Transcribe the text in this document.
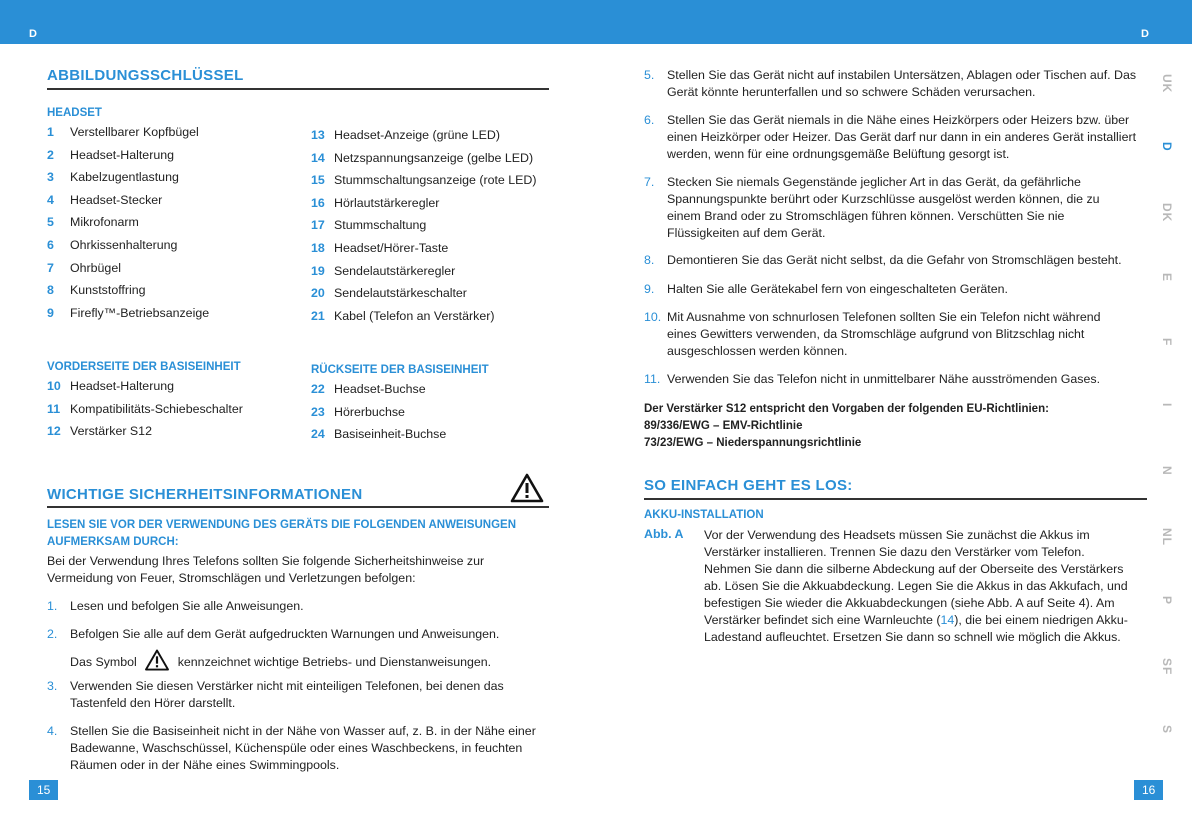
D	D
UK
D
DK
E
F
I
N
NL
P
SF
S
ABBILDUNGSSCHLÜSSEL
HEADSET
1 Verstellbarer Kopfbügel
2 Headset-Halterung
3 Kabelzugentlastung
4 Headset-Stecker
5 Mikrofonarm
6 Ohrkissenhalterung
7 Ohrbügel
8 Kunststoffring
9 Firefly™-Betriebsanzeige
13 Headset-Anzeige (grüne LED)
14 Netzspannungsanzeige (gelbe LED)
15 Stummschaltungsanzeige (rote LED)
16 Hörlautstärkeregler
17 Stummschaltung
18 Headset/Hörer-Taste
19 Sendelautstärkeregler
20 Sendelautstärkeschalter
21 Kabel (Telefon an Verstärker)
VORDERSEITE DER BASISEINHEIT
10 Headset-Halterung
11 Kompatibilitäts-Schiebeschalter
12 Verstärker S12
RÜCKSEITE DER BASISEINHEIT
22 Headset-Buchse
23 Hörerbuchse
24 Basiseinheit-Buchse
WICHTIGE SICHERHEITSINFORMATIONEN
LESEN SIE VOR DER VERWENDUNG DES GERÄTS DIE FOLGENDEN ANWEISUNGEN AUFMERKSAM DURCH:
Bei der Verwendung Ihres Telefons sollten Sie folgende Sicherheitshinweise zur Vermeidung von Feuer, Stromschlägen und Verletzungen befolgen:
1. Lesen und befolgen Sie alle Anweisungen.
2. Befolgen Sie alle auf dem Gerät aufgedruckten Warnungen und Anweisungen.
Das Symbol	kennzeichnet wichtige Betriebs- und Dienstanweisungen.
3. Verwenden Sie diesen Verstärker nicht mit einteiligen Telefonen, bei denen das Tastenfeld den Hörer darstellt.
4. Stellen Sie die Basiseinheit nicht in der Nähe von Wasser auf, z. B. in der Nähe einer Badewanne, Waschschüssel, Küchenspüle oder eines Waschbeckens, in feuchten Räumen oder in der Nähe eines Swimmingpools.
15
5. Stellen Sie das Gerät nicht auf instabilen Untersätzen, Ablagen oder Tischen auf. Das Gerät könnte herunterfallen und so schwere Schäden verursachen.
6. Stellen Sie das Gerät niemals in die Nähe eines Heizkörpers oder Heizers bzw. über einen Heizkörper oder Heizer. Das Gerät darf nur dann in ein anderes Gerät installiert werden, wenn für eine ordnungsgemäße Belüftung gesorgt ist.
7. Stecken Sie niemals Gegenstände jeglicher Art in das Gerät, da gefährliche Spannungspunkte berührt oder Kurzschlüsse ausgelöst werden können, die zu einem Brand oder zu Stromschlägen führen können. Verschütten Sie nie Flüssigkeiten auf dem Gerät.
8. Demontieren Sie das Gerät nicht selbst, da die Gefahr von Stromschlägen besteht.
9. Halten Sie alle Gerätekabel fern von eingeschalteten Geräten.
10. Mit Ausnahme von schnurlosen Telefonen sollten Sie ein Telefon nicht während eines Gewitters verwenden, da Stromschläge aufgrund von Blitzschlag nicht ausgeschlossen werden können.
11. Verwenden Sie das Telefon nicht in unmittelbarer Nähe ausströmenden Gases.
Der Verstärker S12 entspricht den Vorgaben der folgenden EU-Richtlinien:
89/336/EWG – EMV-Richtlinie
73/23/EWG – Niederspannungsrichtlinie
SO EINFACH GEHT ES LOS:
AKKU-INSTALLATION
Abb. A Vor der Verwendung des Headsets müssen Sie zunächst die Akkus im Verstärker installieren. Trennen Sie dazu den Verstärker vom Telefon. Nehmen Sie dann die silberne Abdeckung auf der Oberseite des Verstärkers ab. Lösen Sie die Akkuabdeckung. Legen Sie die Akkus in das Akkufach, und befestigen Sie wieder die Akkuabdeckungen (siehe Abb. A auf Seite 4). Am Verstärker befindet sich eine Warnleuchte (14), die bei einem niedrigen Akku-Ladestand aufleuchtet. Ersetzen Sie dann so schnell wie möglich die Akkus.
16
